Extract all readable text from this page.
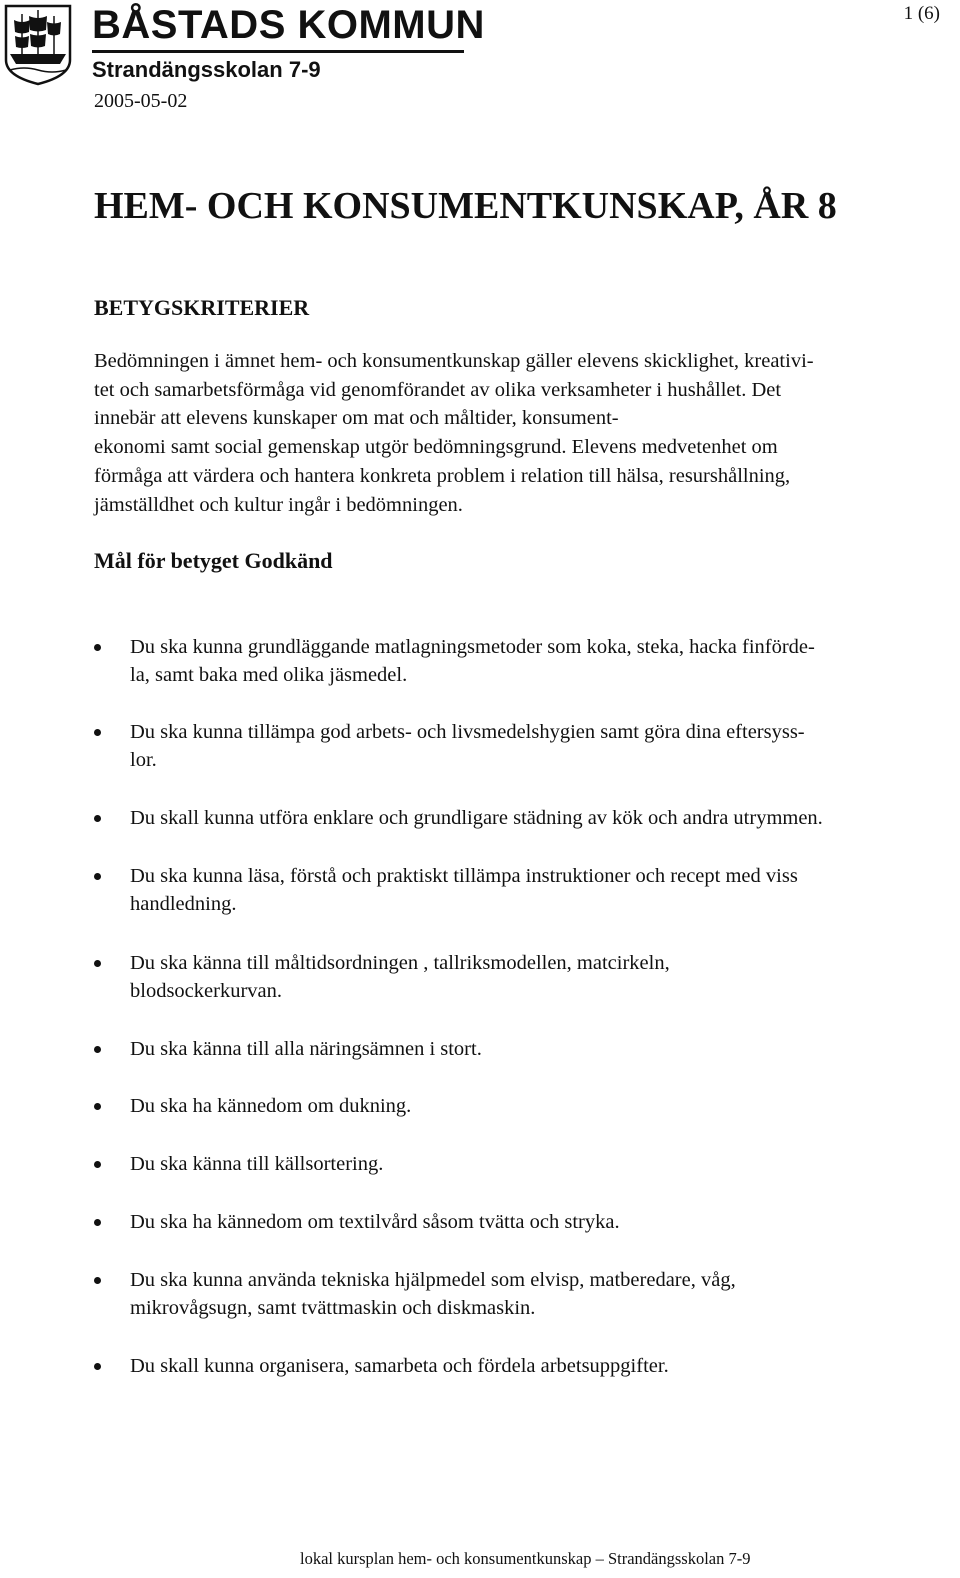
BÅSTADS KOMMUN
Strandängsskolan 7-9
1 (6)
2005-05-02
HEM- OCH KONSUMENTKUNSKAP, ÅR 8
BETYGSKRITERIER

Bedömningen i ämnet hem- och konsumentkunskap gäller elevens skicklighet, kreativi-
tet och samarbetsförmåga vid genomförandet av olika verksamheter i hushållet. Det
innebär att elevens kunskaper om mat och måltider, konsument-
ekonomi samt social gemenskap utgör bedömningsgrund. Elevens medvetenhet om
förmåga att värdera och hantera konkreta problem i relation till hälsa, resurshållning,
jämställdhet och kultur ingår i bedömningen.

Mål för betyget Godkänd
Du ska kunna grundläggande matlagningsmetoder som koka, steka, hacka finförde-
la, samt baka med olika jäsmedel.
Du ska kunna tillämpa god arbets- och livsmedelshygien samt göra dina eftersyss-
lor.
Du skall kunna utföra enklare och grundligare städning av kök och andra utrymmen.
Du ska kunna läsa, förstå och praktiskt tillämpa instruktioner och recept med viss
handledning.
Du ska känna till måltidsordningen , tallriksmodellen, matcirkeln,
blodsockerkurvan.
Du ska känna till alla näringsämnen i stort.
Du ska ha kännedom om dukning.
Du ska känna till källsortering.
Du ska ha kännedom om textilvård såsom tvätta och stryka.
Du ska kunna använda tekniska hjälpmedel som elvisp, matberedare, våg,
mikrovågsugn, samt tvättmaskin och diskmaskin.
Du skall kunna organisera, samarbeta och fördela arbetsuppgifter.
lokal kursplan hem- och konsumentkunskap – Strandängsskolan 7-9
